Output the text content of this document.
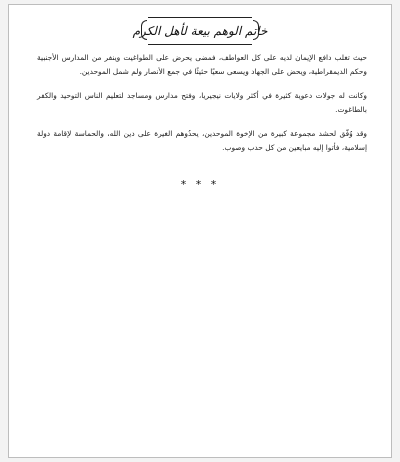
خاتم الوهم بيعة لأهل الكرم

حيث تغلب دافع الإيمان لديه على كل العواطف، فمضى يحرض على الطواغيت وينفر من المدارس الأجنبية وحكم الديمقراطية، ويحض على الجهاد ويسعى سعيًا حثيثًا في جمع الأنصار ولم شمل الموحدين.

وكانت له جولات دعوية كثيرة في أكثر ولايات نيجيريا، وفتح مدارس ومساجد لتعليم الناس التوحيد والكفر بالطاغوت.

وقد وُفّق لحشد مجموعة كبيرة من الإخوة الموحدين، يحدُوهم الغيرة على دين الله، والحماسة لإقامة دولة إسلامية، فأتوا إليه مبايعين من كل حدب وصوب.

* * *
